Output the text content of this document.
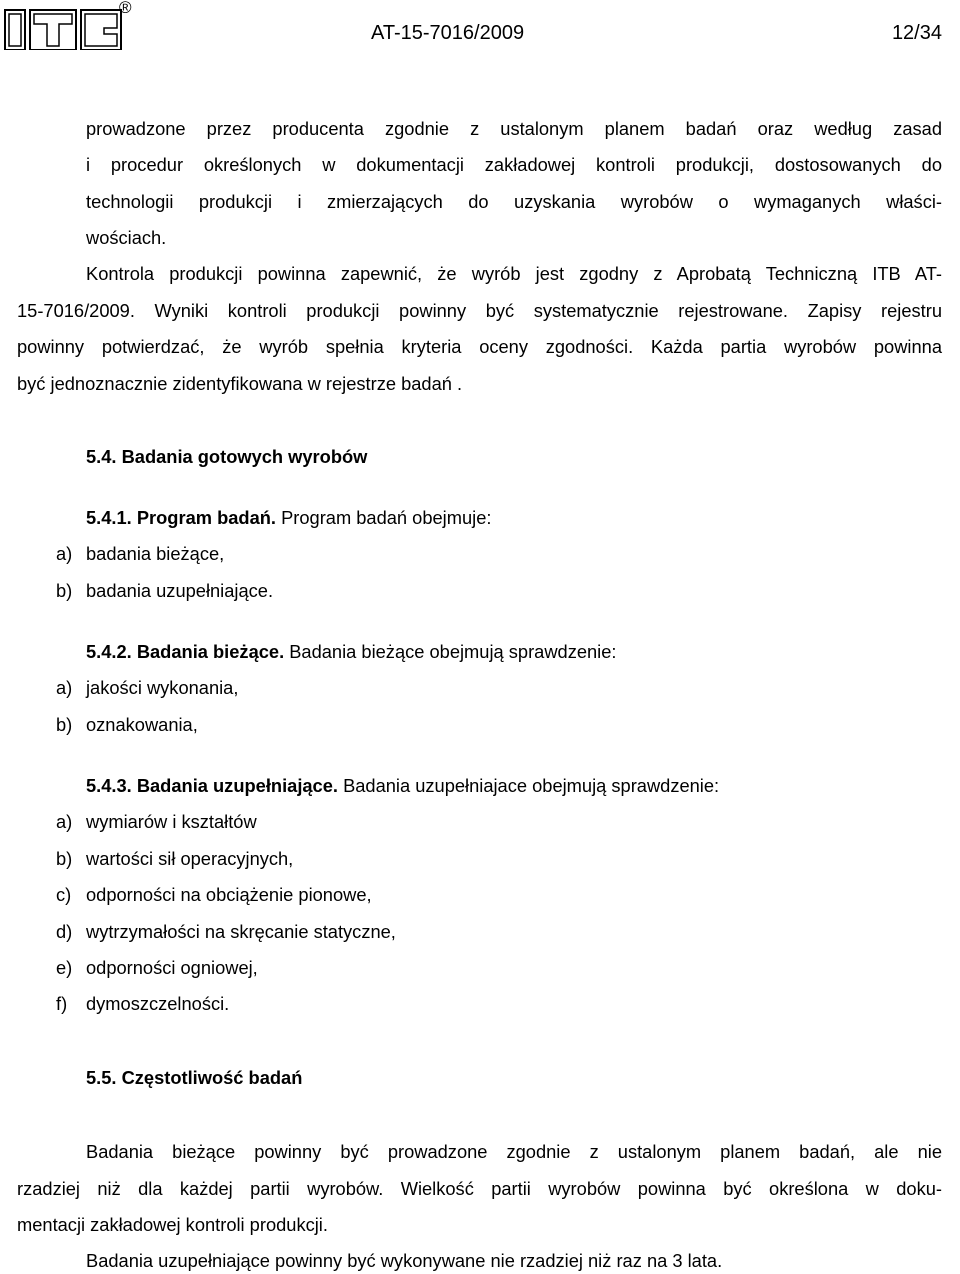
®
AT-15-7016/2009	12/34
prowadzone przez producenta zgodnie z ustalonym planem badań oraz według zasad
i procedur określonych w dokumentacji zakładowej kontroli produkcji, dostosowanych do
technologii produkcji i zmierzających do uzyskania wyrobów o wymaganych właści-
wościach.
Kontrola produkcji powinna zapewnić, że wyrób jest zgodny z Aprobatą Techniczną ITB AT-
15-7016/2009. Wyniki kontroli produkcji powinny być systematycznie rejestrowane. Zapisy rejestru
powinny potwierdzać, że wyrób spełnia kryteria oceny zgodności. Każda partia wyrobów powinna
być jednoznacznie zidentyfikowana w rejestrze badań .
5.4. Badania gotowych wyrobów
5.4.1. Program badań. Program badań obejmuje:
a) badania bieżące,
b) badania uzupełniające.
5.4.2. Badania bieżące. Badania bieżące obejmują sprawdzenie:
a) jakości wykonania,
b) oznakowania,
5.4.3. Badania uzupełniające. Badania uzupełniajace obejmują sprawdzenie:
a) wymiarów i kształtów
b) wartości sił operacyjnych,
c) odporności na obciążenie pionowe,
d) wytrzymałości na skręcanie statyczne,
e) odporności ogniowej,
f) dymoszczelności.
5.5. Częstotliwość badań
Badania bieżące powinny być prowadzone zgodnie z ustalonym planem badań, ale nie
rzadziej niż dla każdej partii wyrobów. Wielkość partii wyrobów powinna być określona w doku-
mentacji zakładowej kontroli produkcji.
Badania uzupełniające powinny być wykonywane nie rzadziej niż raz na 3 lata.
